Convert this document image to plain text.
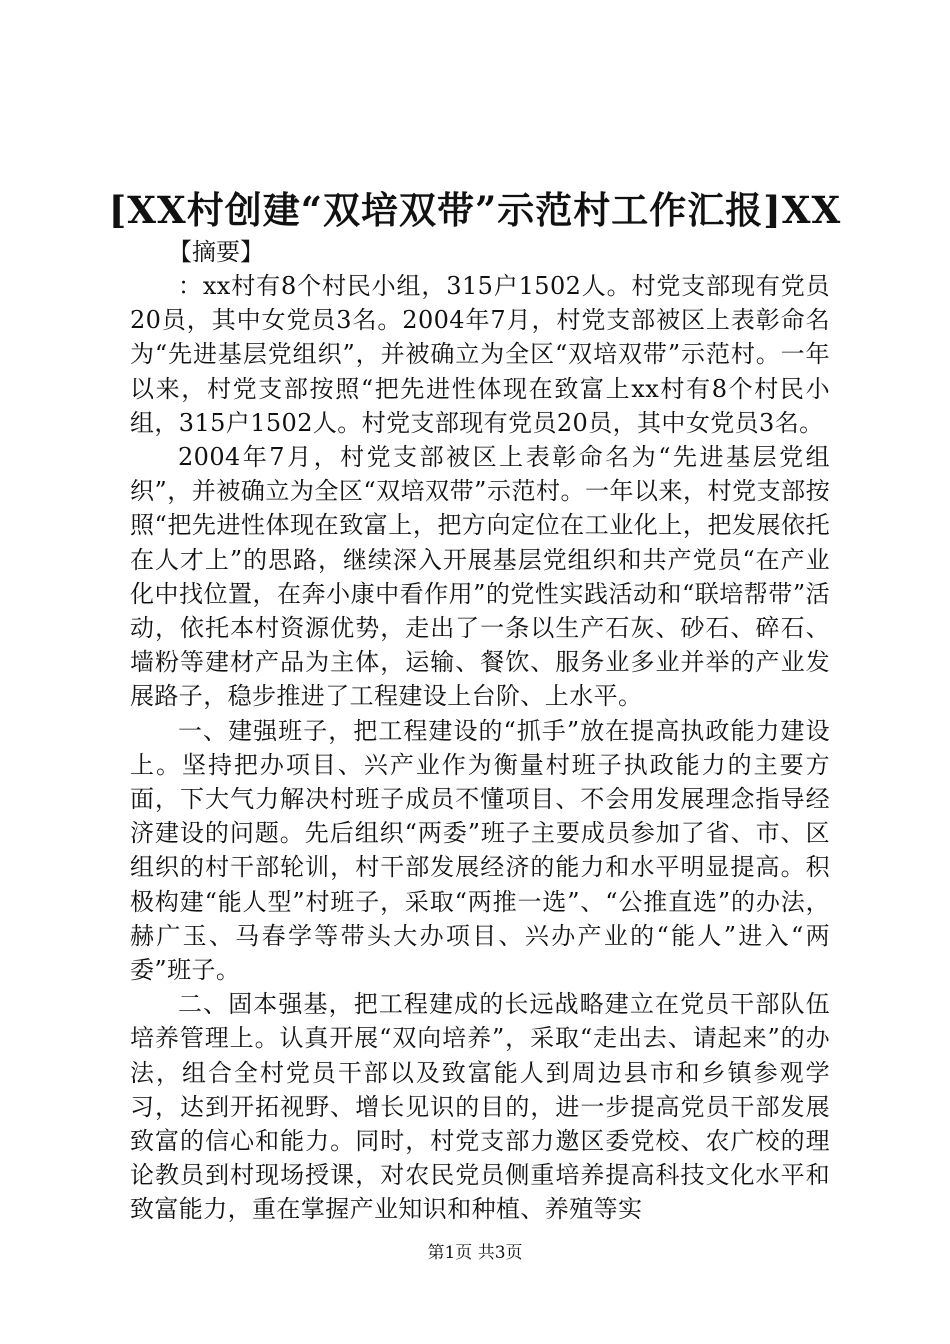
[XX村创建“双培双带”示范村工作汇报]XX

【摘要】

：xx村有8个村民小组，315户1502人。村党支部现有党员20员，其中女党员3名。2004年7月，村党支部被区上表彰命名为“先进基层党组织”，并被确立为全区“双培双带”示范村。一年以来，村党支部按照“把先进性体现在致富上xx村有8个村民小组，315户1502人。村党支部现有党员20员，其中女党员3名。

2004年7月，村党支部被区上表彰命名为“先进基层党组织”，并被确立为全区“双培双带”示范村。一年以来，村党支部按照“把先进性体现在致富上，把方向定位在工业化上，把发展依托在人才上”的思路，继续深入开展基层党组织和共产党员“在产业化中找位置，在奔小康中看作用”的党性实践活动和“联培帮带”活动，依托本村资源优势，走出了一条以生产石灰、砂石、碎石、墙粉等建材产品为主体，运输、餐饮、服务业多业并举的产业发展路子，稳步推进了工程建设上台阶、上水平。

一、建强班子，把工程建设的“抓手”放在提高执政能力建设上。坚持把办项目、兴产业作为衡量村班子执政能力的主要方面，下大气力解决村班子成员不懂项目、不会用发展理念指导经济建设的问题。先后组织“两委”班子主要成员参加了省、市、区组织的村干部轮训，村干部发展经济的能力和水平明显提高。积极构建“能人型”村班子，采取“两推一选”、“公推直选”的办法，赫广玉、马春学等带头大办项目、兴办产业的“能人”进入“两委”班子。

二、固本强基，把工程建成的长远战略建立在党员干部队伍培养管理上。认真开展“双向培养”，采取“走出去、请起来”的办法，组合全村党员干部以及致富能人到周边县市和乡镇参观学习，达到开拓视野、增长见识的目的，进一步提高党员干部发展致富的信心和能力。同时，村党支部力邀区委党校、农广校的理论教员到村现场授课，对农民党员侧重培养提高科技文化水平和致富能力，重在掌握产业知识和种植、养殖等实

第1页 共3页
